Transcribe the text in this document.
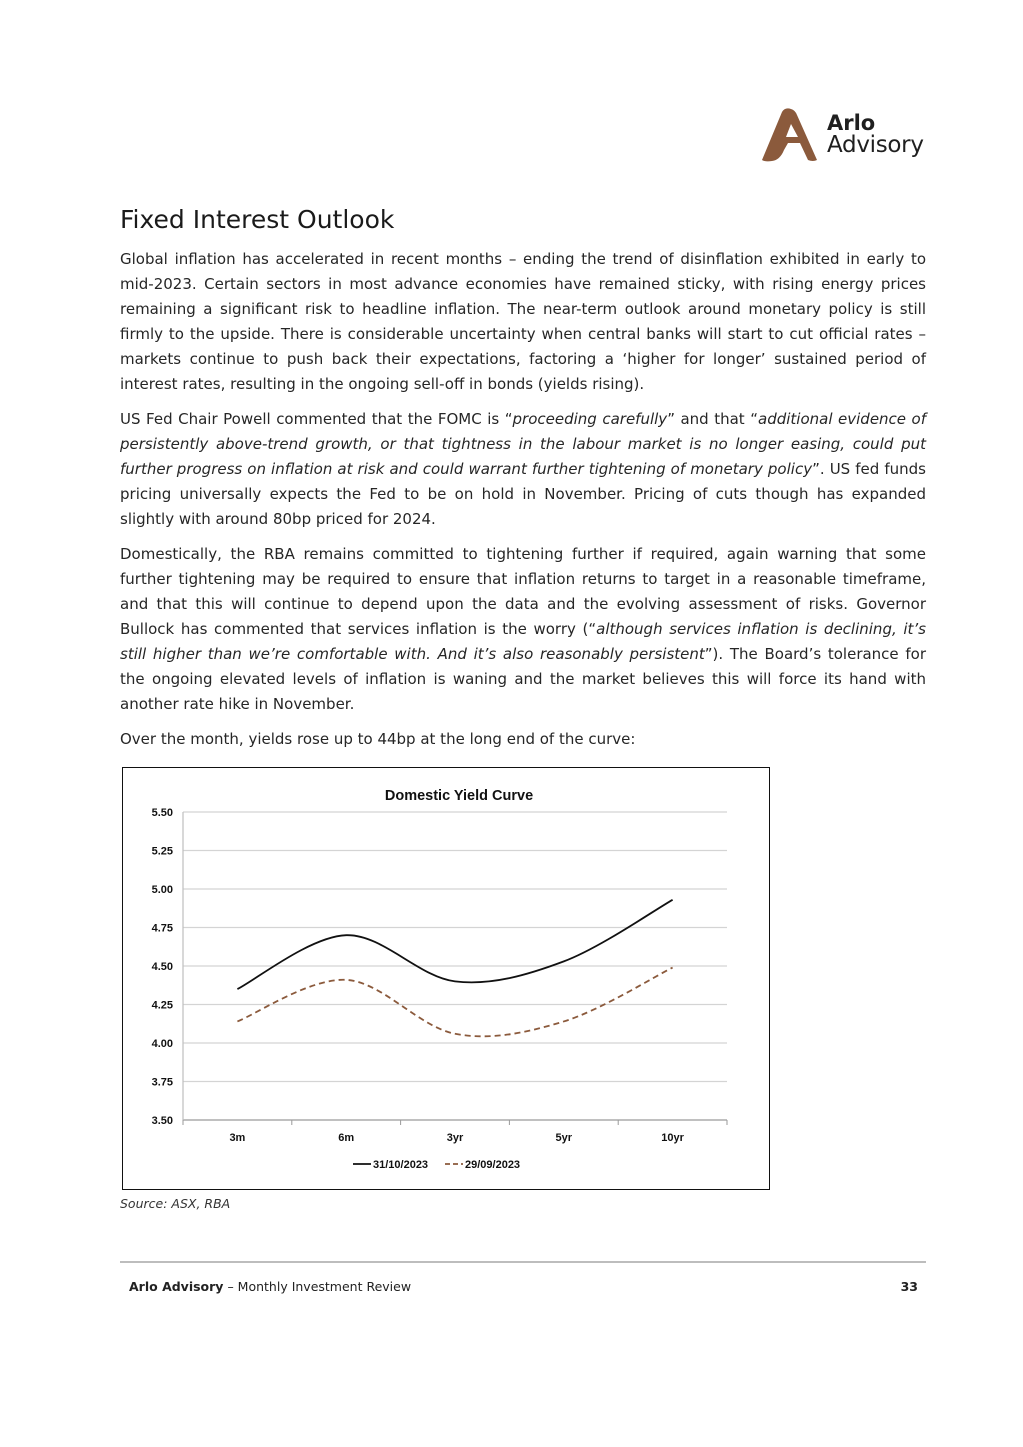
Arlo
Advisory
Fixed Interest Outlook

Global inflation has accelerated in recent months – ending the trend of disinflation exhibited in early to mid-2023. Certain sectors in most advance economies have remained sticky, with rising energy prices remaining a significant risk to headline inflation. The near-term outlook around monetary policy is still firmly to the upside. There is considerable uncertainty when central banks will start to cut official rates – markets continue to push back their expectations, factoring a ‘higher for longer’ sustained period of interest rates, resulting in the ongoing sell-off in bonds (yields rising).

US Fed Chair Powell commented that the FOMC is “proceeding carefully” and that “additional evidence of persistently above-trend growth, or that tightness in the labour market is no longer easing, could put further progress on inflation at risk and could warrant further tightening of monetary policy”. US fed funds pricing universally expects the Fed to be on hold in November. Pricing of cuts though has expanded slightly with around 80bp priced for 2024.

Domestically, the RBA remains committed to tightening further if required, again warning that some further tightening may be required to ensure that inflation returns to target in a reasonable timeframe, and that this will continue to depend upon the data and the evolving assessment of risks. Governor Bullock has commented that services inflation is the worry (“although services inflation is declining, it’s still higher than we’re comfortable with. And it’s also reasonably persistent”). The Board’s tolerance for the ongoing elevated levels of inflation is waning and the market believes this will force its hand with another rate hike in November.

Over the month, yields rose up to 44bp at the long end of the curve:

Domestic Yield Curve
3.50
3.75
4.00
4.25
4.50
4.75
5.00
5.25
5.50
3m	6m	3yr	5yr	10yr
31/10/2023	29/09/2023
Source: ASX, RBA
Arlo Advisory – Monthly Investment Review	33
